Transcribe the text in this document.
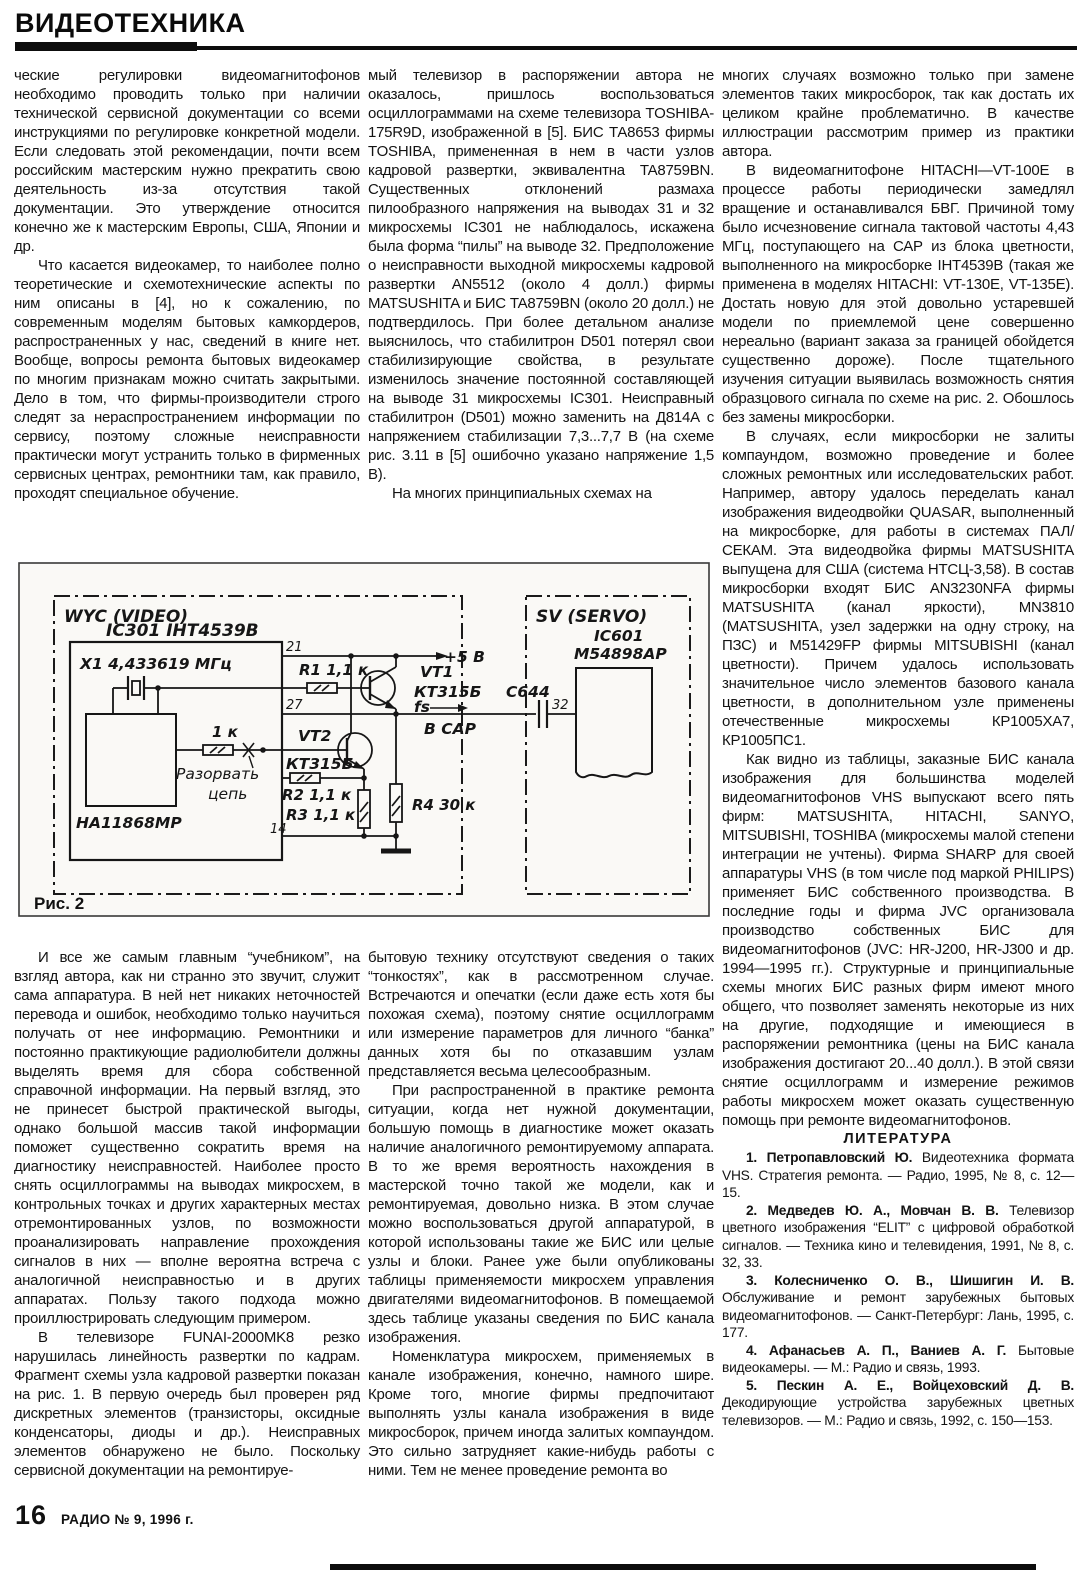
ВИДЕОТЕХНИКА

ческие регулировки видеомагнитофонов необходимо проводить только при наличии технической сервисной документации со всеми инструкциями по регулировке конкретной модели. Если следовать этой рекомендации, почти всем российским мастерским нужно прекратить свою деятельность из-за отсутствия такой документации. Это утверждение относится конечно же к мастерским Европы, США, Японии и др.

Что касается видеокамер, то наиболее полно теоретические и схемотехнические аспекты по ним описаны в [4], но к сожалению, по современным моделям бытовых камкордеров, распространенных у нас, сведений в книге нет. Вообще, вопросы ремонта бытовых видеокамер по многим признакам можно считать закрытыми. Дело в том, что фирмы-производители строго следят за нераспространением информации по сервису, поэтому сложные неисправности практически могут устранить только в фирменных сервисных центрах, ремонтники там, как правило, проходят специальное обучение.

мый телевизор в распоряжении автора не оказалось, пришлось воспользоваться осциллограммами на схеме телевизора TOSHIBA-175R9D, изображенной в [5]. БИС ТА8653 фирмы TOSHIBA, примененная в нем в части узлов кадровой развертки, эквивалентна TA8759BN. Существенных отклонений размаха пилообразного напряжения на выводах 31 и 32 микросхемы IC301 не наблюдалось, искажена была форма “пилы” на выводе 32. Предположение о неисправности выходной микросхемы кадровой развертки AN5512 (около 4 долл.) фирмы MATSUSHITA и БИС TA8759BN (около 20 долл.) не подтвердилось. При более детальном анализе выяснилось, что стабилитрон D501 потерял свои стабилизирующие свойства, в результате изменилось значение постоянной составляющей на выводе 31 микросхемы IC301. Неисправный стабилитрон (D501) можно заменить на Д814А с напряжением стабилизации 7,3...7,7 В (на схеме рис. 3.11 в [5] ошибочно указано напряжение 1,5 В).

На многих принципиальных схемах на

многих случаях возможно только при замене элементов таких микросборок, так как достать их целиком крайне проблематично. В качестве иллюстрации рассмотрим пример из практики автора.

В видеомагнитофоне HITACHI—VT-100E в процессе работы периодически замедлял вращение и останавливался БВГ. Причиной тому было исчезновение сигнала тактовой частоты 4,43 МГц, поступающего на САР из блока цветности, выполненного на микросборке IHT4539B (такая же применена в моделях HITACHI: VT-130E, VT-135E). Достать новую для этой довольно устаревшей модели по приемлемой цене совершенно нереально (вариант заказа за границей обойдется существенно дороже). После тщательного изучения ситуации выявилась возможность снятия образцового сигнала по схеме на рис. 2. Обошлось без замены микросборки.

В случаях, если микросборки не залиты компаундом, возможно проведение и более сложных ремонтных или исследовательских работ. Например, автору удалось переделать канал изображения видеодвойки QUASAR, выполненный на микросборке, для работы в системах ПАЛ/СЕКАМ. Эта видеодвойка фирмы MATSUSHITA выпущена для США (система НТСЦ-3,58). В состав микросборки входят БИС AN3230NFA фирмы MATSUSHITA (канал яркости), MN3810 (MATSUSHITA, узел задержки на одну строку, на ПЗС) и M51429FP фирмы MITSUBISHI (канал цветности). Причем удалось использовать значительное число элементов базового канала цветности, в дополнительном узле применены отечественные микросхемы КР1005ХА7, КР1005ПС1.

Как видно из таблицы, заказные БИС канала изображения для большинства моделей видеомагнитофонов VHS выпускают всего пять фирм: MATSUSHITA, HITACHI, SANYO, MITSUBISHI, TOSHIBA (микросхемы малой степени интеграции не учтены). Фирма SHARP для своей аппаратуры VHS (в том числе под маркой PHILIPS) применяет БИС собственного производства. В последние годы и фирма JVC организовала производство собственных БИС для видеомагнитофонов (JVC: HR-J200, HR-J300 и др. 1994—1995 гг.). Структурные и принципиальные схемы многих БИС разных фирм имеют много общего, что позволяет заменять некоторые из них на другие, подходящие и имеющиеся в распоряжении ремонтника (цены на БИС канала изображения достигают 20...40 долл.). В этой связи снятие осциллограмм и измерение режимов работы микросхем может оказать существенную помощь при ремонте видеомагнитофонов.

ЛИТЕРАТУРА

1. Петропавловский Ю. Видеотехника формата VHS. Стратегия ремонта. — Радио, 1995, № 8, с. 12—15.

2. Медведев Ю. А., Мовчан В. В. Телевизор цветного изображения “ELIT” с цифровой обработкой сигналов. — Техника кино и телевидения, 1991, № 8, с. 32, 33.

3. Колесниченко О. В., Шишигин И. В. Обслуживание и ремонт зарубежных бытовых видеомагнитофонов. — Санкт-Петербург: Лань, 1995, с. 177.

4. Афанасьев А. П., Ваниев А. Г. Бытовые видеокамеры. — М.: Радио и связь, 1993.

5. Пескин А. Е., Войцеховский Д. В. Декодирующие устройства зарубежных цветных телевизоров. — М.: Радио и связь, 1992, с. 150—153.

WYC (VIDEO)
IC301 IHT4539B
X1 4,433619 МГц
HA11868MP
1 к
Разорвать
цепь
21
27
14
R1 1,1 к
R2 1,1 к
R3 1,1 к
R4 30 к
VT1
КТ315Б
VT2
КТ315Б
+5 В
fs
В САР
SV (SERVO)
IC601
M54898AP
C644
32
Рис. 2

И все же самым главным “учебником”, на взгляд автора, как ни странно это звучит, служит сама аппаратура. В ней нет никаких неточностей перевода и ошибок, необходимо только научиться получать от нее информацию. Ремонтники и постоянно практикующие радиолюбители должны выделять время для сбора собственной справочной информации. На первый взгляд, это не принесет быстрой практической выгоды, однако большой массив такой информации поможет существенно сократить время на диагностику неисправностей. Наиболее просто снять осциллограммы на выводах микросхем, в контрольных точках и других характерных местах отремонтированных узлов, по возможности проанализировать направление прохождения сигналов в них — вполне вероятна встреча с аналогичной неисправностью и в других аппаратах. Пользу такого подхода можно проиллюстрировать следующим примером.

В телевизоре FUNAI-2000MK8 резко нарушилась линейность развертки по кадрам. Фрагмент схемы узла кадровой развертки показан на рис. 1. В первую очередь был проверен ряд дискретных элементов (транзисторы, оксидные конденсаторы, диоды и др.). Неисправных элементов обнаружено не было. Поскольку сервисной документации на ремонтируе-

бытовую технику отсутствуют сведения о таких “тонкостях”, как в рассмотренном случае. Встречаются и опечатки (если даже есть хотя бы похожая схема), поэтому снятие осциллограмм или измерение параметров для личного “банка” данных хотя бы по отказавшим узлам представляется весьма целесообразным.

При распространенной в практике ремонта ситуации, когда нет нужной документации, большую помощь в диагностике может оказать наличие аналогичного ремонтируемому аппарата. В то же время вероятность нахождения в мастерской точно такой же модели, как и ремонтируемая, довольно низка. В этом случае можно воспользоваться другой аппаратурой, в которой использованы такие же БИС или целые узлы и блоки. Ранее уже были опубликованы таблицы применяемости микросхем управления двигателями видеомагнитофонов. В помещаемой здесь таблице указаны сведения по БИС канала изображения.

Номенклатура микросхем, применяемых в канале изображения, конечно, намного шире. Кроме того, многие фирмы предпочитают выполнять узлы канала изображения в виде микросборок, причем иногда залитых компаундом. Это сильно затрудняет какие-нибудь работы с ними. Тем не менее проведение ремонта во

16 РАДИО № 9, 1996 г.
